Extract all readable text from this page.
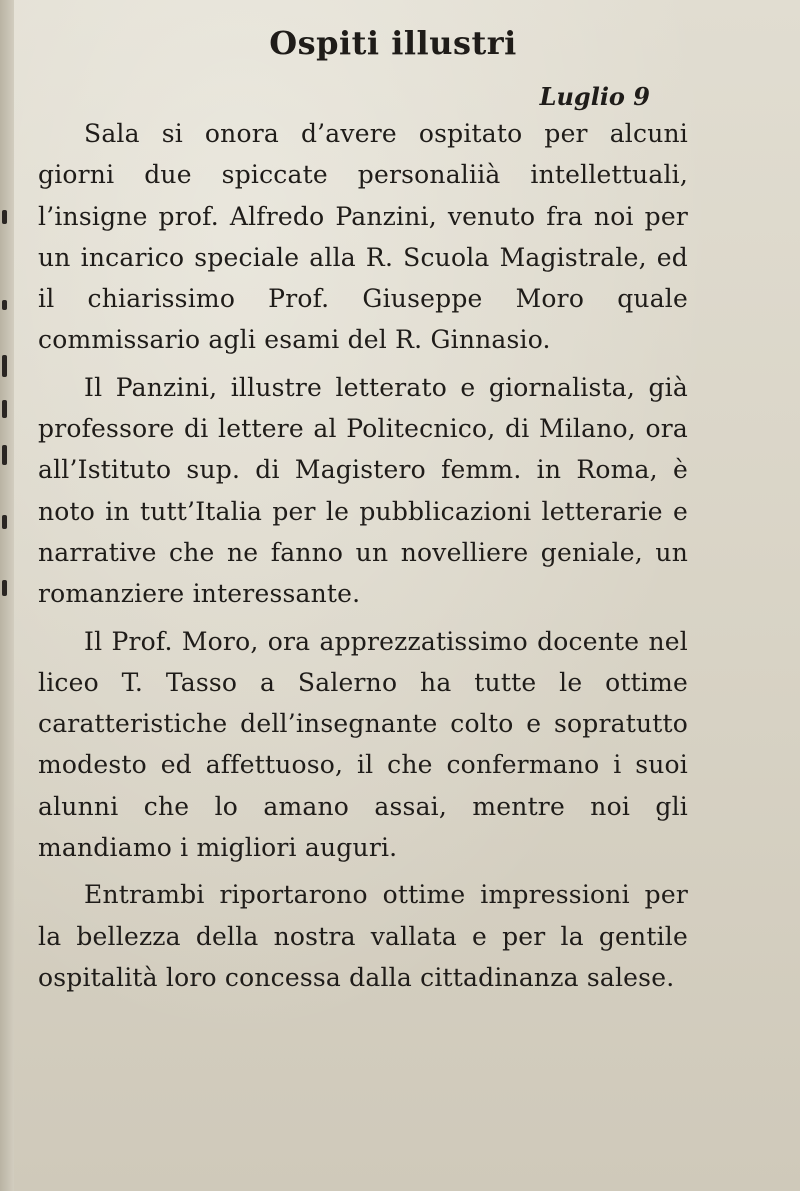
Ospiti illustri
Luglio 9

Sala si onora d’avere ospitato per alcuni giorni due spiccate personaliià intellettuali, l’insigne prof. Alfredo Panzini, venuto fra noi per un incarico speciale alla R. Scuola Magistrale, ed il chiarissimo Prof. Giuseppe Moro quale commissario agli esami del R. Ginnasio.

Il Panzini, illustre letterato e giornalista, già professore di lettere al Politecnico, di Milano, ora all’Istituto sup. di Magistero femm. in Roma, è noto in tutt’Italia per le pubblicazioni letterarie e narrative che ne fanno un novelliere geniale, un romanziere interessante.

Il Prof. Moro, ora apprezzatissimo docente nel liceo T. Tasso a Salerno ha tutte le ottime caratteristiche dell’insegnante colto e sopratutto modesto ed affettuoso, il che confermano i suoi alunni che lo amano assai, mentre noi gli mandiamo i migliori auguri.

Entrambi riportarono ottime impressioni per la bellezza della nostra vallata e per la gentile ospitalità loro concessa dalla cittadinanza salese.
